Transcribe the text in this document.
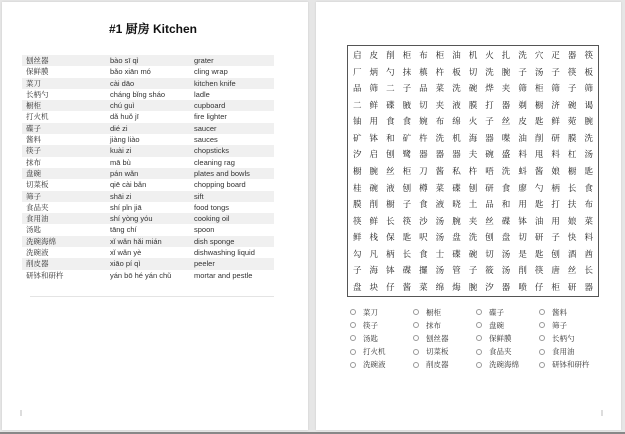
#1 厨房 Kitchen
刨丝器	bào sī qì	grater
保鲜膜	bǎo xiān mó	cling wrap
菜刀	cài dāo	kitchen knife
长柄勺	cháng bǐng sháo	ladle
橱柜	chú guì	cupboard
打火机	dǎ huǒ jī	fire lighter
碟子	dié zi	saucer
酱料	jiàng liào	sauces
筷子	kuài zi	chopsticks
抹布	mā bù	cleaning rag
盘碗	pán wǎn	plates and bowls
切菜板	qiē cài bǎn	chopping board
筛子	shāi zi	sift
食品夹	shí pǐn jiā	food tongs
食用油	shí yòng yóu	cooking oil
汤匙	tāng chí	spoon
洗碗海绵	xǐ wǎn hǎi mián	dish sponge
洗碗液	xǐ wǎn yè	dishwashing liquid
削皮器	xiāo pí qì	peeler
研钵和研杵	yán bō hé yán chǔ	mortar and pestle
启 皮 削 柜 布 柜 油 机 火 扎 洗 穴 疋 器 筷
厂 炳 勺 抹 槙 杵 板 切 洗 腕 子 汤 子 筷 板
品 筛 二 子 品 菜 洗 碗 烨 夹 筛 柜 筛 子 筛
二 鲜 碟 腋 切 夹 液 膜 打 器 剃 橱 济 碗 谒
铀 用 食 食 婉 布 绵 火 子 丝 皮 匙 鲜 菀 腕
矿 钵 和 矿 杵 洗 机 海 器 喋 油 削 研 膜 洗
汐 启 刨 鹭 器 器 器 夫 碗 盛 料 甩 料 杠 汤
橱 腕 丝 柜 刀 酱 私 杵 唔 洗 蚪 酱 娘 橱 匙
桂 碗 液 刨 樽 菜 碟 刨 研 食 廖 勺 柄 长 食
膜 削 橱 子 食 液 晓 土 品 和 用 匙 打 扶 布
筷 鲜 长 筷 沙 汤 腕 夹 丝 碟 钵 油 用 娘 菜
鲜 栈 保 匙 呎 汤 盘 洗 刨 盘 切 研 子 快 料
勾 凡 柄 长 食 士 碟 碗 切 汤 是 匙 刨 酒 酋
子 海 钵 碟 攞 汤 管 子 筱 汤 削 筷 唐 丝 长
盘 块 仔 酱 菜 绵 烸 腕 汐 器 喷 仔 柜 研 器
菜刀	橱柜	碟子	酱料
筷子	抹布	盘碗	筛子
汤匙	刨丝器	保鲜膜	长柄勺
打火机	切菜板	食品夹	食用油
洗碗液	削皮器	洗碗海绵	研钵和研杵
